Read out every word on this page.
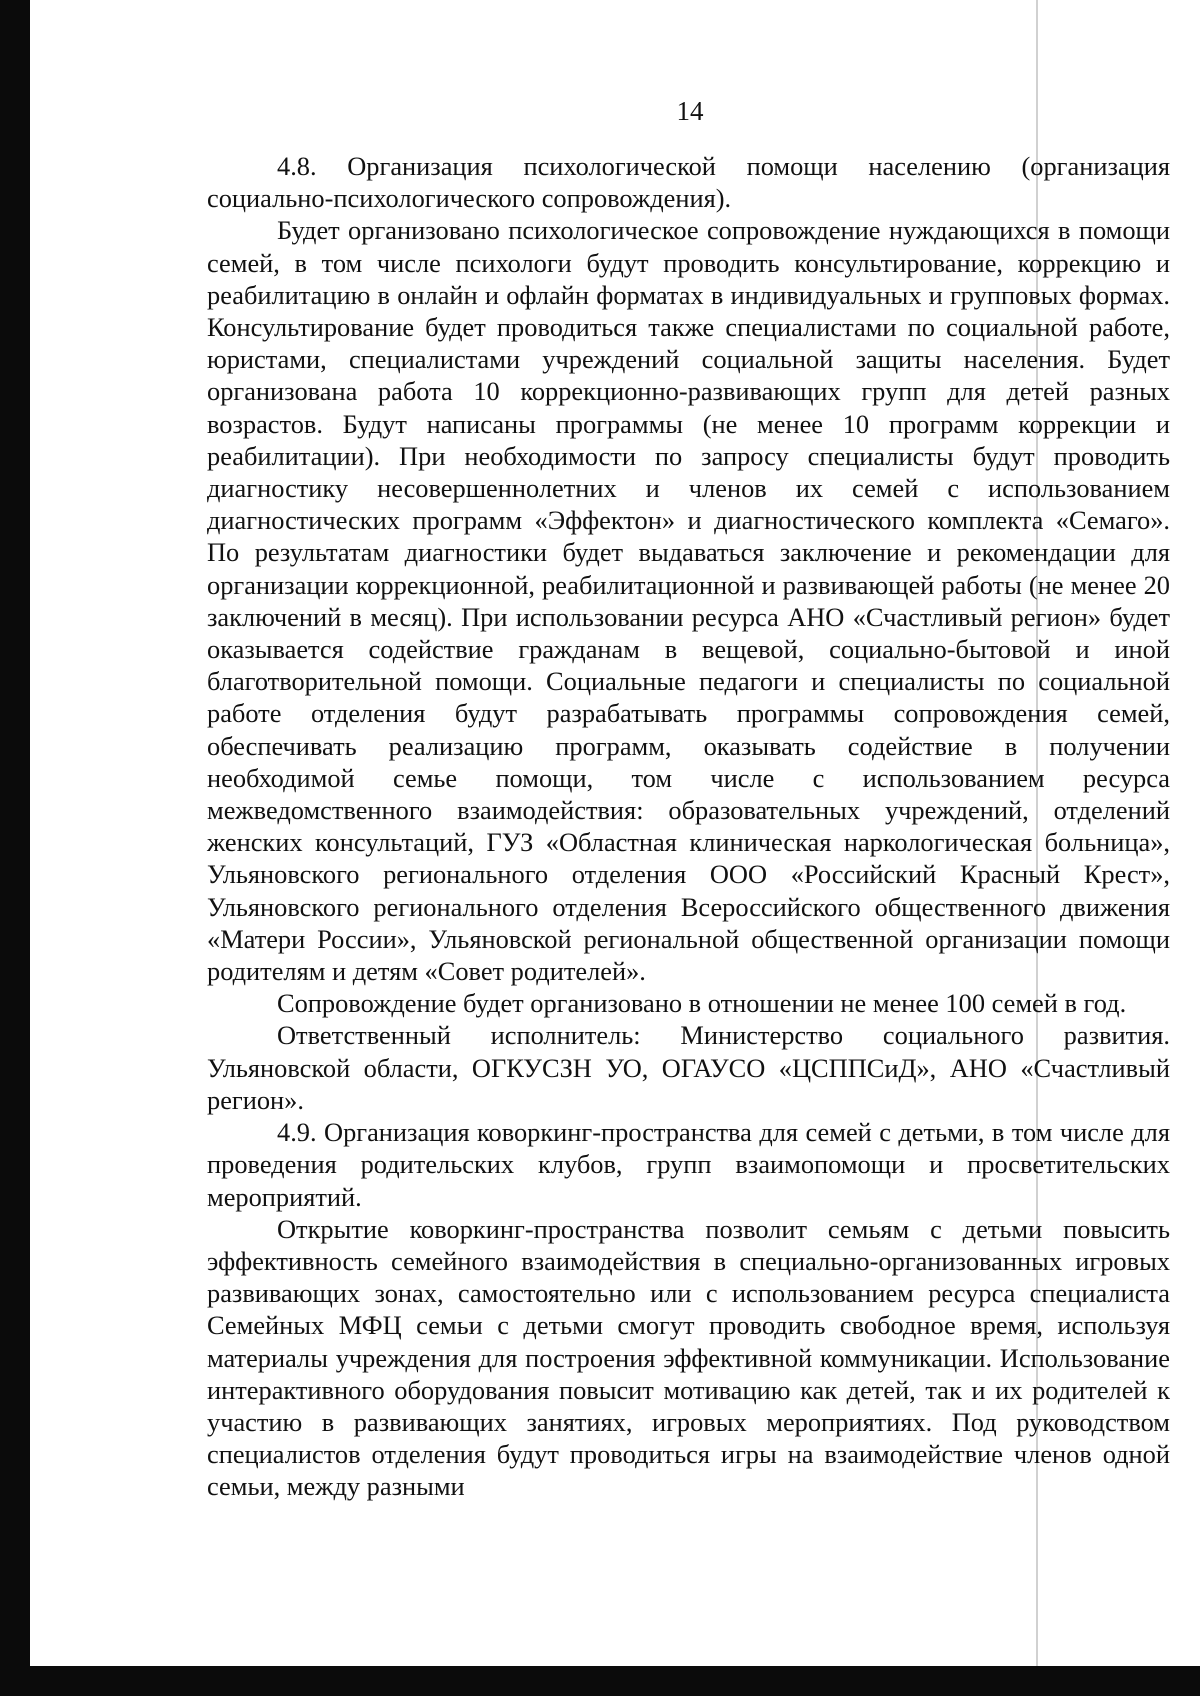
14

4.8. Организация психологической помощи населению (организация социально-психологического сопровождения).

Будет организовано психологическое сопровождение нуждающихся в помощи семей, в том числе психологи будут проводить консультирование, коррекцию и реабилитацию в онлайн и офлайн форматах в индивидуальных и групповых формах. Консультирование будет проводиться также специалистами по социальной работе, юристами, специалистами учреждений социальной защиты населения. Будет организована работа 10 коррекционно-развивающих групп для детей разных возрастов. Будут написаны программы (не менее 10 программ коррекции и реабилитации). При необходимости по запросу специалисты будут проводить диагностику несовершеннолетних и членов их семей с использованием диагностических программ «Эффектон» и диагностического комплекта «Семаго». По результатам диагностики будет выдаваться заключение и рекомендации для организации коррекционной, реабилитационной и развивающей работы (не менее 20 заключений в месяц). При использовании ресурса АНО «Счастливый регион» будет оказывается содействие гражданам в вещевой, социально-бытовой и иной благотворительной помощи. Социальные педагоги и специалисты по социальной работе отделения будут разрабатывать программы сопровождения семей, обеспечивать реализацию программ, оказывать содействие в получении необходимой семье помощи, том числе с использованием ресурса межведомственного взаимодействия: образовательных учреждений, отделений женских консультаций, ГУЗ «Областная клиническая наркологическая больница», Ульяновского регионального отделения ООО «Российский Красный Крест», Ульяновского регионального отделения Всероссийского общественного движения «Матери России», Ульяновской региональной общественной организации помощи родителям и детям «Совет родителей».

Сопровождение будет организовано в отношении не менее 100 семей в год.

Ответственный исполнитель: Министерство социального развития. Ульяновской области, ОГКУСЗН УО, ОГАУСО «ЦСППСиД», АНО «Счастливый регион».

4.9. Организация коворкинг-пространства для семей с детьми, в том числе для проведения родительских клубов, групп взаимопомощи и просветительских мероприятий.

Открытие коворкинг-пространства позволит семьям с детьми повысить эффективность семейного взаимодействия в специально-организованных игровых развивающих зонах, самостоятельно или с использованием ресурса специалиста Семейных МФЦ семьи с детьми смогут проводить свободное время, используя материалы учреждения для построения эффективной коммуникации. Использование интерактивного оборудования повысит мотивацию как детей, так и их родителей к участию в развивающих занятиях, игровых мероприятиях. Под руководством специалистов отделения будут проводиться игры на взаимодействие членов одной семьи, между разными
